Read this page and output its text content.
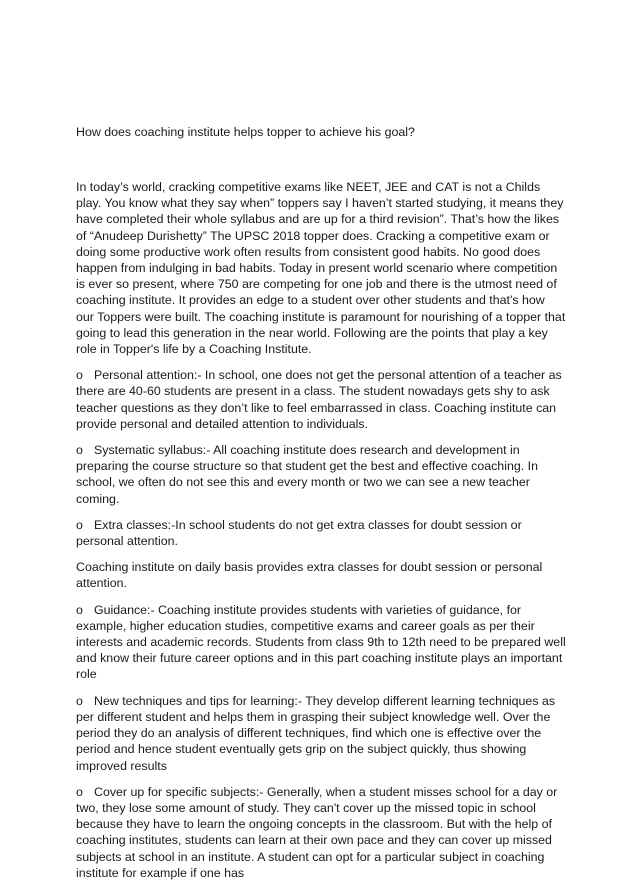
How does coaching institute helps topper to achieve his goal?

In today’s world, cracking competitive exams like NEET, JEE and CAT is not a Childs play. You know what they say when” toppers say I haven’t started studying, it means they have completed their whole syllabus and are up for a third revision”. That’s how the likes of “Anudeep Durishetty” The UPSC 2018 topper does. Cracking a competitive exam or doing some productive work often results from consistent good habits. No good does happen from indulging in bad habits. Today in present world scenario where competition is ever so present, where 750 are competing for one job and there is the utmost need of coaching institute. It provides an edge to a student over other students and that's how our Toppers were built. The coaching institute is paramount for nourishing of a topper that going to lead this generation in the near world. Following are the points that play a key role in Topper's life by a Coaching Institute.

o Personal attention:- In school, one does not get the personal attention of a teacher as there are 40-60 students are present in a class. The student nowadays gets shy to ask teacher questions as they don’t like to feel embarrassed in class. Coaching institute can provide personal and detailed attention to individuals.

o Systematic syllabus:- All coaching institute does research and development in preparing the course structure so that student get the best and effective coaching. In school, we often do not see this and every month or two we can see a new teacher coming.

o Extra classes:-In school students do not get extra classes for doubt session or personal attention.

Coaching institute on daily basis provides extra classes for doubt session or personal attention.

o Guidance:- Coaching institute provides students with varieties of guidance, for example, higher education studies, competitive exams and career goals as per their interests and academic records. Students from class 9th to 12th need to be prepared well and know their future career options and in this part coaching institute plays an important role

o New techniques and tips for learning:- They develop different learning techniques as per different student and helps them in grasping their subject knowledge well. Over the period they do an analysis of different techniques, find which one is effective over the period and hence student eventually gets grip on the subject quickly, thus showing improved results

o Cover up for specific subjects:- Generally, when a student misses school for a day or two, they lose some amount of study. They can't cover up the missed topic in school because they have to learn the ongoing concepts in the classroom. But with the help of coaching institutes, students can learn at their own pace and they can cover up missed subjects at school in an institute. A student can opt for a particular subject in coaching institute for example if one has
